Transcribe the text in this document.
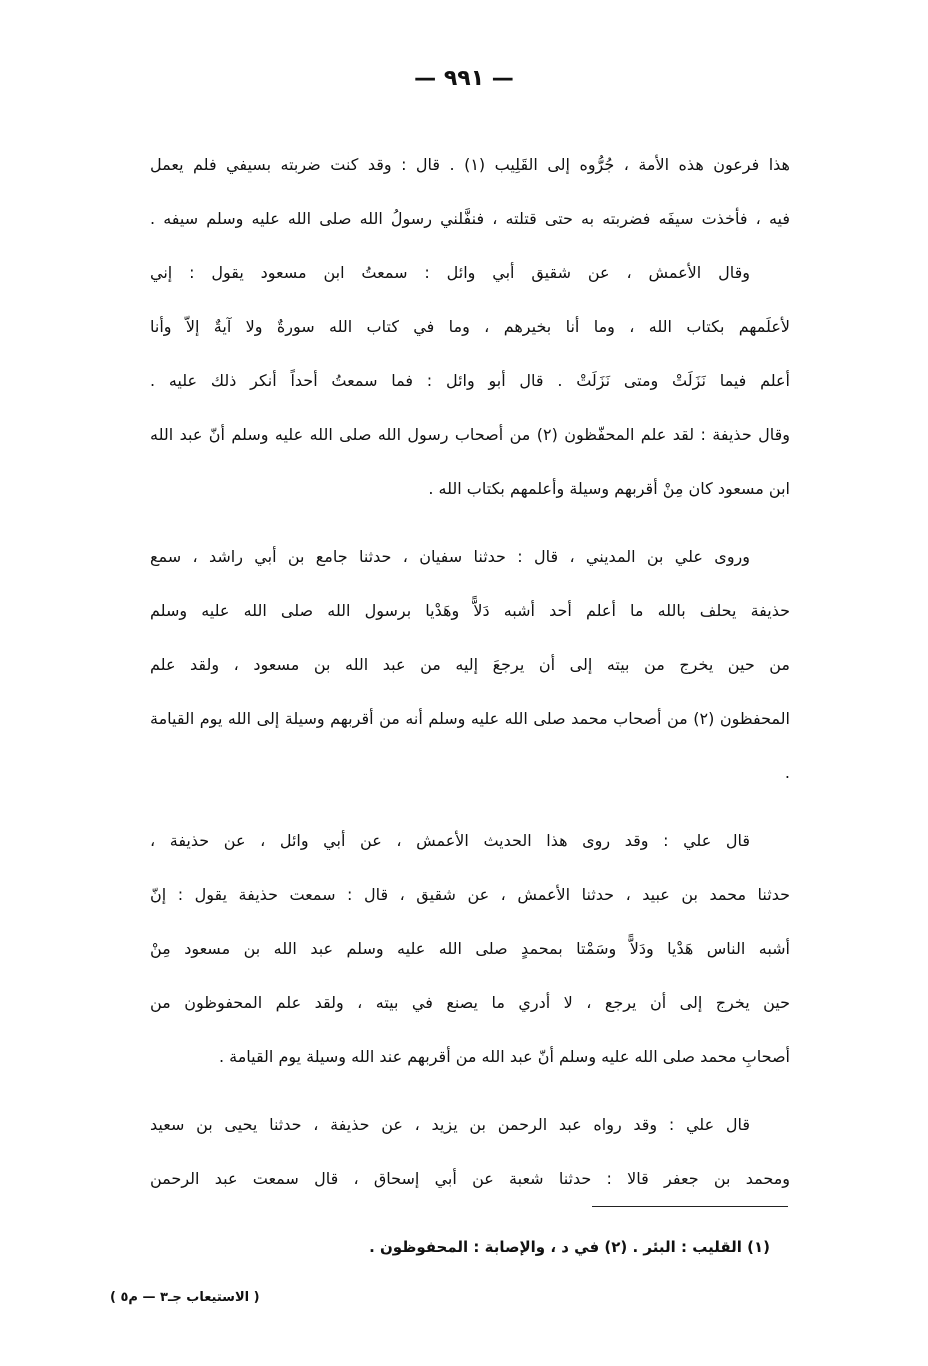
— ٩٩١ —
هذا فرعون هذه الأمة ، جُرُّوه إلى القَلِيب (١) . قال : وقد كنت ضربته بسيفي فلم يعمل
فيه ، فأخذت سيفَه فضربته به حتى قتلته ، فنفَّلني رسولُ الله صلى الله عليه وسلم سيفه .
وقال الأعمش ، عن شقيق أبي وائل : سمعتُ ابن مسعود يقول : إني
لأعلَمهم بكتاب الله ، وما أنا بخيرهم ، وما في كتاب الله سورةٌ ولا آيةٌ إلاّ وأنا
أعلم فيما نَزَلَتْ ومتى نَزَلَتْ . قال أبو وائل : فما سمعتُ أحداً أنكر ذلك عليه .
وقال حذيفة : لقد علم المحفّظون (٢) من أصحاب رسول الله صلى الله عليه وسلم أنّ عبد الله
ابن مسعود كان مِنْ أقربهم وسيلة وأعلمهم بكتاب الله .
وروى علي بن المديني ، قال : حدثنا سفيان ، حدثنا جامع بن أبي راشد ، سمع
حذيفة يحلف بالله ما أعلم أحد أشبه دَلاًّ وهَدْيا برسول الله صلى الله عليه وسلم
من حين يخرج من بيته إلى أن يرجعَ إليه من عبد الله بن مسعود ، ولقد علم
المحفظون (٢) من أصحاب محمد صلى الله عليه وسلم أنه من أقربهم وسيلة إلى الله يوم القيامة .
قال علي : وقد روى هذا الحديث الأعمش ، عن أبي وائل ، عن حذيفة ،
حدثنا محمد بن عبيد ، حدثنا الأعمش ، عن شقيق ، قال : سمعت حذيفة يقول : إنّ
أشبه الناس هَدْيا ودَلاًّ وسَمْتا بمحمدٍ صلى الله عليه وسلم عبد الله بن مسعود مِنْ
حين يخرج إلى أن يرجع ، لا أدري ما يصنع في بيته ، ولقد علم المحفوظون من
أصحابِ محمد صلى الله عليه وسلم أنّ عبد الله من أقربهم عند الله وسيلة يوم القيامة .
قال علي : وقد رواه عبد الرحمن بن يزيد ، عن حذيفة ، حدثنا يحيى بن سعيد
ومحمد بن جعفر قالا : حدثنا شعبة عن أبي إسحاق ، قال سمعت عبد الرحمن
(١) القليب : البئر . (٢) في د ، والإصابة : المحفوظون .
( الاستيعاب جـ٣ — م٥ )
